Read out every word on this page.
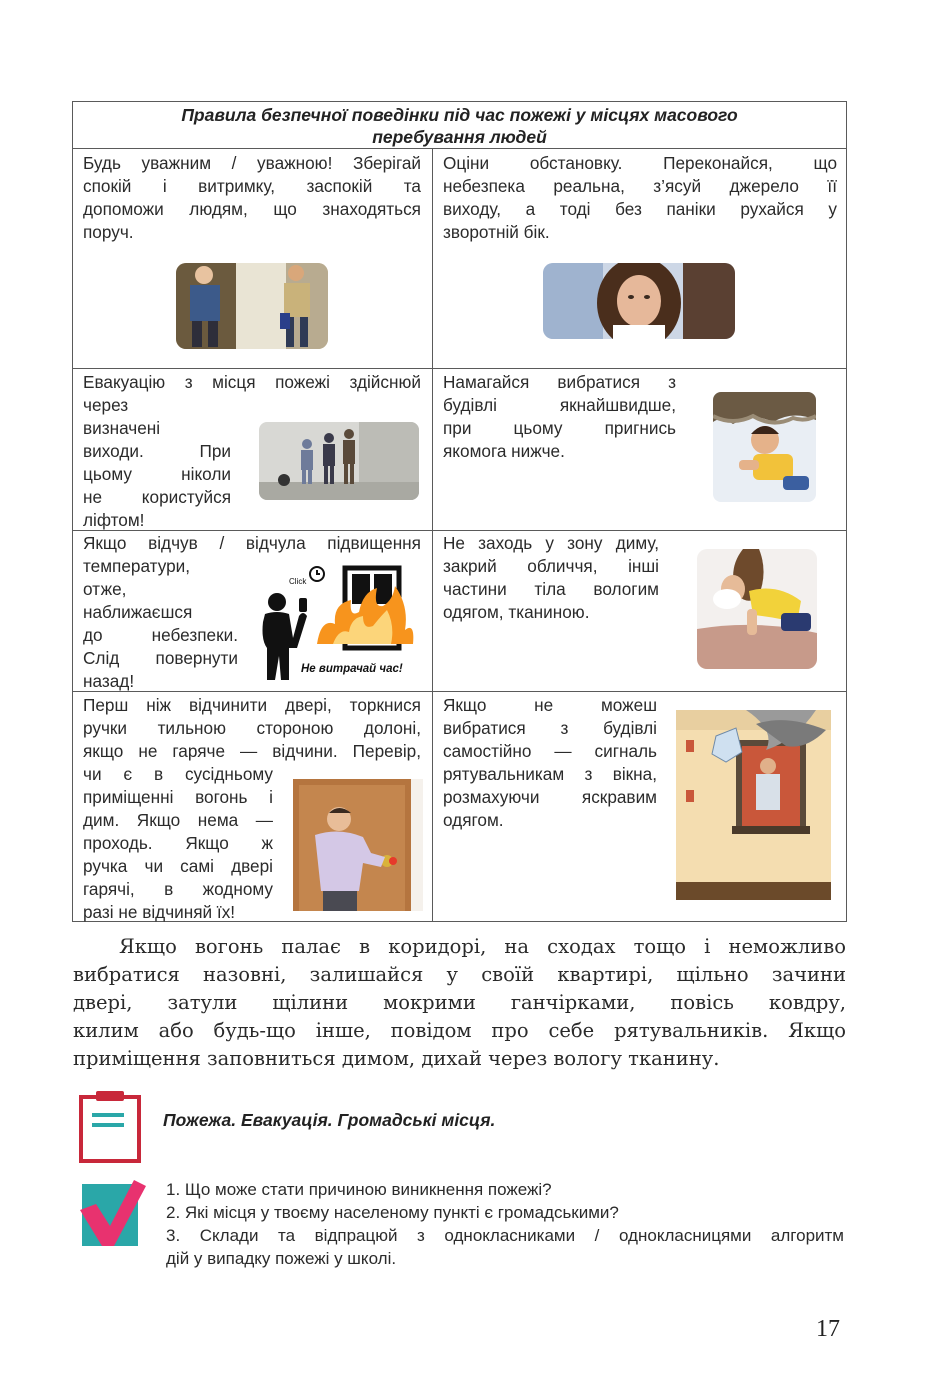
Правила безпечної поведінки під час пожежі у місцях масового
перебування людей
Будь уважним / уважною! Зберігай
спокій і витримку, заспокій та
допоможи людям, що знаходяться
поруч.
Оціни обстановку. Переконайся, що
небезпека реальна, з’ясуй джерело її
виходу, а тоді без паніки рухайся у
зворотній бік.
Евакуацію з місця пожежі здійснюй
через
визначені
виходи. При
цьому ніколи
не користуйся
ліфтом!
Намагайся вибратися з
будівлі якнайшвидше,
при цьому пригнись
якомога нижче.
Якщо відчув / відчула підвищення
температури,
отже,
наближаєшся
до небезпеки.
Слід повернути
назад!
Click
Не витрачай час!
Не заходь у зону диму,
закрий обличчя, інші
частини тіла вологим
одягом, тканиною.
Перш ніж відчинити двері, торкнися
ручки тильною стороною долоні,
якщо не гаряче — відчини. Перевір,
чи є в сусідньому
приміщенні вогонь і
дим. Якщо нема —
проходь. Якщо ж
ручка чи самі двері
гарячі, в жодному
разі не відчиняй їх!
Якщо не можеш
вибратися з будівлі
самостійно — сигналь
рятувальникам з вікна,
розмахуючи яскравим
одягом.
Якщо вогонь палає в коридорі, на сходах тощо і неможливо
вибратися назовні, залишайся у своїй квартирі, щільно зачини
двері, затули щілини мокрими ганчірками, повісь ковдру,
килим або будь-що інше, повідом про себе рятувальників. Якщо
приміщення заповниться димом, дихай через вологу тканину.
Пожежа. Евакуація. Громадські місця.
1. Що може стати причиною виникнення пожежі?
2. Які місця у твоєму населеному пункті є громадськими?
3. Склади та відпрацюй з однокласниками / однокласницями алгоритм
дій у випадку пожежі у школі.
17
